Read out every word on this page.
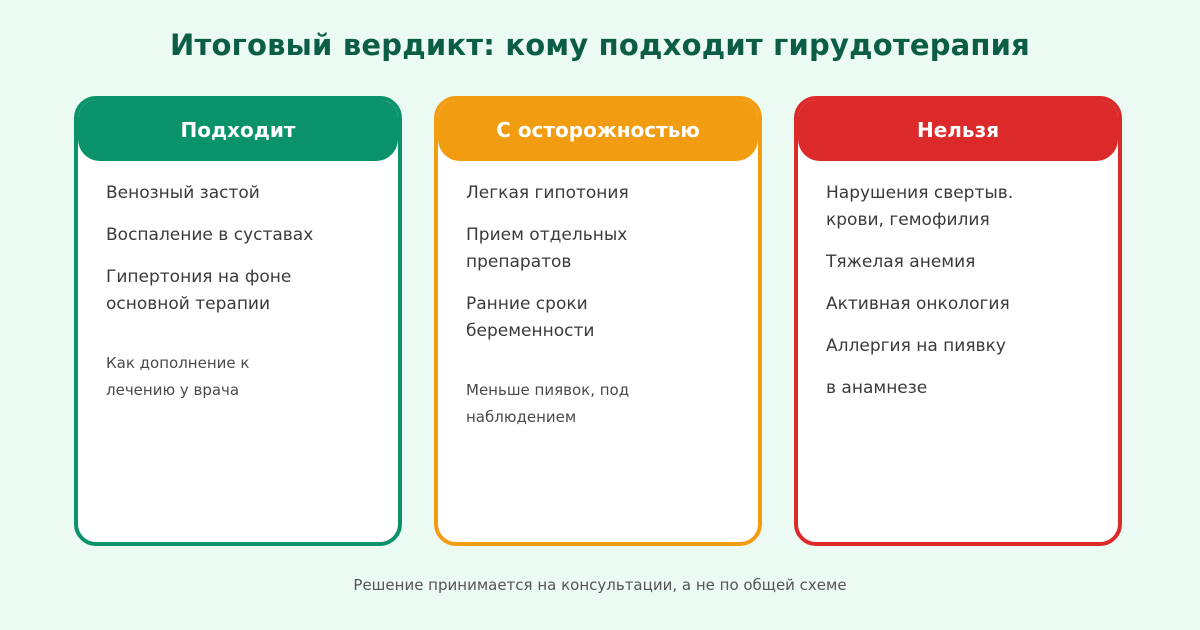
Итоговый вердикт: кому подходит гирудотерапия
Подходит
Венозный застой
Воспаление в суставах
Гипертония на фоне основной терапии
Как дополнение к лечению у врача
С осторожностью
Легкая гипотония
Прием отдельных препаратов
Ранние сроки беременности
Меньше пиявок, под наблюдением
Нельзя
Нарушения свертыв. крови, гемофилия
Тяжелая анемия
Активная онкология
Аллергия на пиявку
в анамнезе
Решение принимается на консультации, а не по общей схеме
